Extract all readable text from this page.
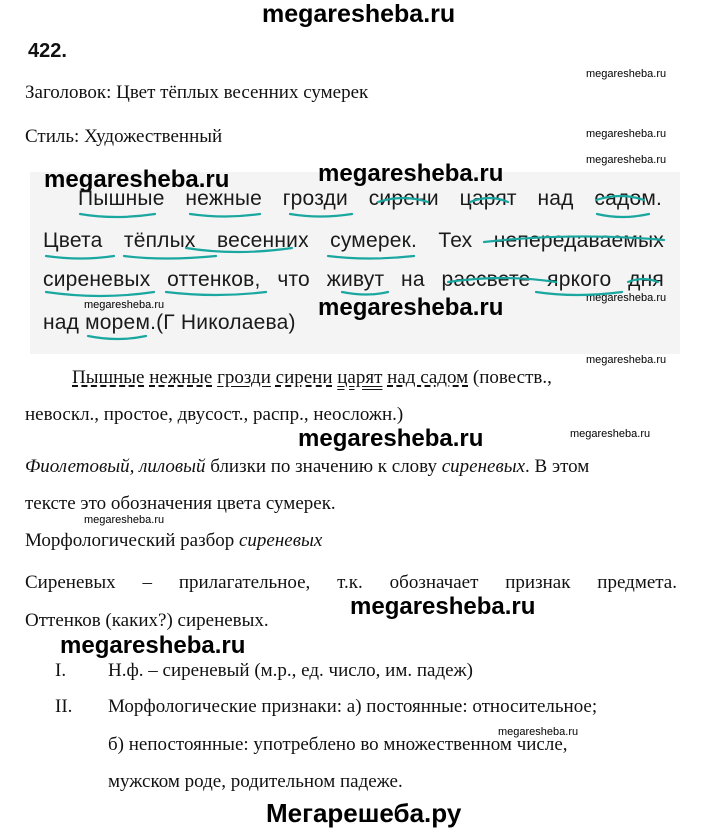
megaresheba.ru
422.
megaresheba.ru
Заголовок: Цвет тёплых весенних сумерек
megaresheba.ru
Стиль: Художественный
megaresheba.ru
megaresheba.ru	megaresheba.ru
Пышные нежные грозди сирени царят над садом.
Цвета тёплых весенних сумерек. Тех непередаваемых
сиреневых оттенков, что живут на рассвете яркого дня
над морем.(Г Николаева)
megaresheba.ru	megaresheba.ru	megaresheba.ru
megaresheba.ru
Пышные нежные грозди сирени царят над садом (повеств.,
невоскл., простое, двусост., распр., неосложн.)
megaresheba.ru	megaresheba.ru
Фиолетовый, лиловый близки по значению к слову сиреневых. В этом
тексте это обозначения цвета сумерек.
megaresheba.ru
Морфологический разбор сиреневых
Сиреневых – прилагательное, т.к. обозначает признак предмета.
megaresheba.ru
Оттенков (каких?) сиреневых.
megaresheba.ru
I. Н.ф. – сиреневый (м.р., ед. число, им. падеж)
II. Морфологические признаки: а) постоянные: относительное;
megaresheba.ru
б) непостоянные: употреблено во множественном числе,
мужском роде, родительном падеже.
Мегарешеба.ру
